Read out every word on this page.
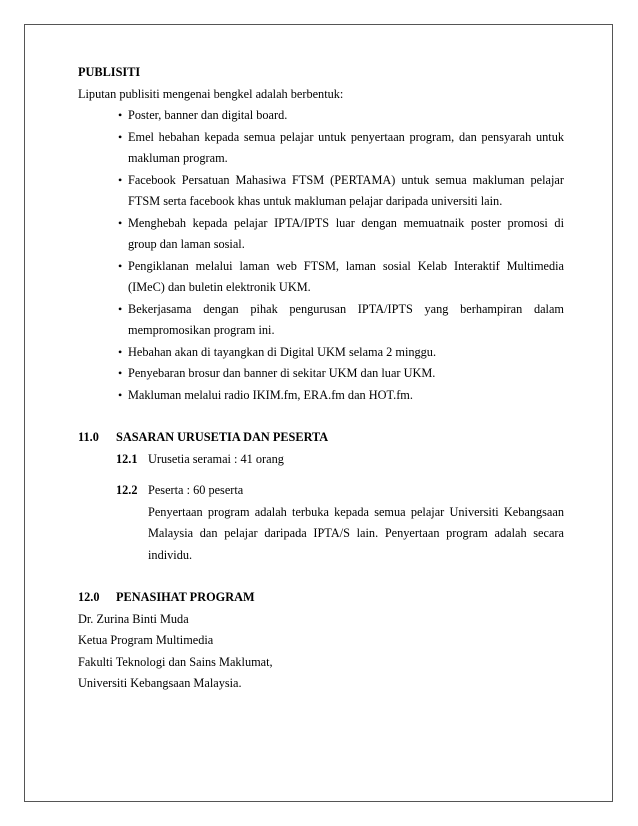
PUBLISITI
Liputan publisiti mengenai bengkel adalah berbentuk:
• Poster, banner dan digital board.
• Emel hebahan kepada semua pelajar untuk penyertaan program, dan pensyarah untuk makluman program.
• Facebook Persatuan Mahasiwa FTSM (PERTAMA) untuk semua makluman pelajar FTSM serta facebook khas untuk makluman pelajar daripada universiti lain.
• Menghebah kepada pelajar IPTA/IPTS luar dengan memuatnaik poster promosi di group dan laman sosial.
• Pengiklanan melalui laman web FTSM, laman sosial Kelab Interaktif Multimedia (IMeC) dan buletin elektronik UKM.
• Bekerjasama dengan pihak pengurusan IPTA/IPTS yang berhampiran dalam mempromosikan program ini.
• Hebahan akan di tayangkan di Digital UKM selama 2 minggu.
• Penyebaran brosur dan banner di sekitar UKM dan luar UKM.
• Makluman melalui radio IKIM.fm, ERA.fm dan HOT.fm.
11.0	SASARAN URUSETIA DAN PESERTA
12.1 Urusetia seramai : 41 orang
12.2 Peserta : 60 peserta
Penyertaan program adalah terbuka kepada semua pelajar Universiti Kebangsaan Malaysia dan pelajar daripada IPTA/S lain. Penyertaan program adalah secara individu.
12.0	PENASIHAT PROGRAM
Dr. Zurina Binti Muda
Ketua Program Multimedia
Fakulti Teknologi dan Sains Maklumat,
Universiti Kebangsaan Malaysia.
